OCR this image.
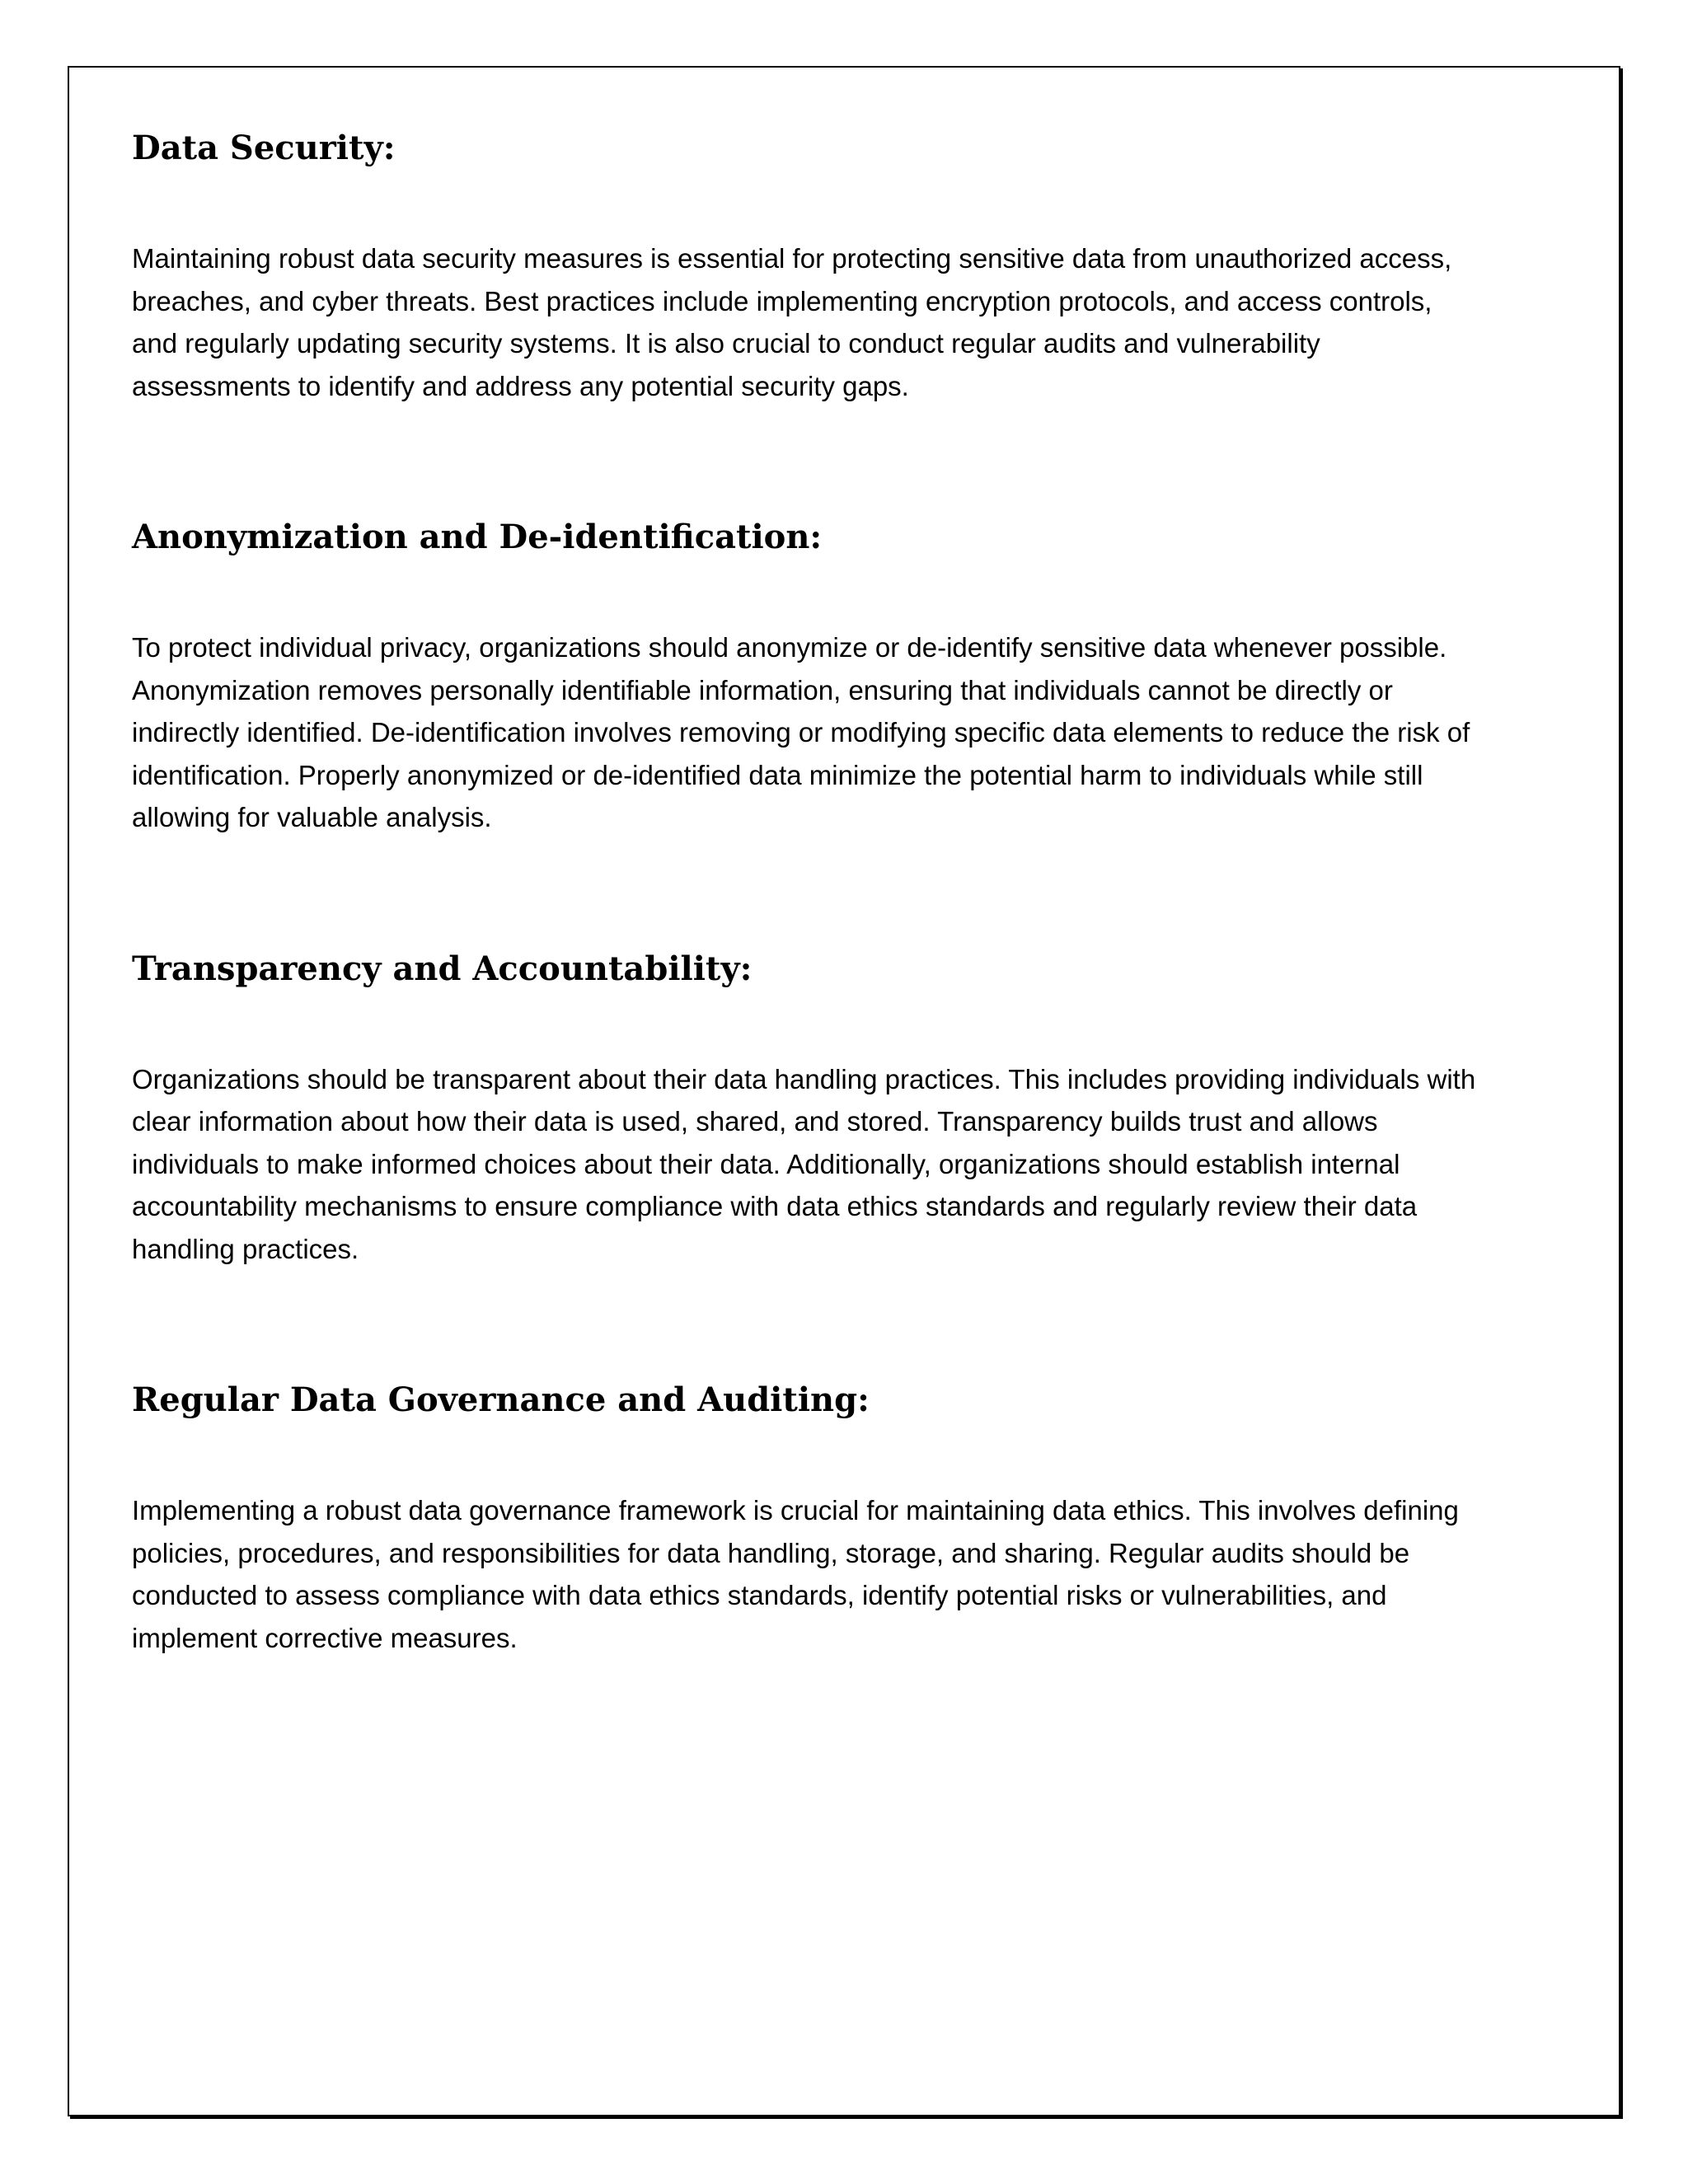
Data Security:

Maintaining robust data security measures is essential for protecting sensitive data from unauthorized access, breaches, and cyber threats. Best practices include implementing encryption protocols, and access controls, and regularly updating security systems. It is also crucial to conduct regular audits and vulnerability assessments to identify and address any potential security gaps.

Anonymization and De-identification:

To protect individual privacy, organizations should anonymize or de-identify sensitive data whenever possible. Anonymization removes personally identifiable information, ensuring that individuals cannot be directly or indirectly identified. De-identification involves removing or modifying specific data elements to reduce the risk of identification. Properly anonymized or de-identified data minimize the potential harm to individuals while still allowing for valuable analysis.

Transparency and Accountability:

Organizations should be transparent about their data handling practices. This includes providing individuals with clear information about how their data is used, shared, and stored. Transparency builds trust and allows individuals to make informed choices about their data. Additionally, organizations should establish internal accountability mechanisms to ensure compliance with data ethics standards and regularly review their data handling practices.

Regular Data Governance and Auditing:

Implementing a robust data governance framework is crucial for maintaining data ethics. This involves defining policies, procedures, and responsibilities for data handling, storage, and sharing. Regular audits should be conducted to assess compliance with data ethics standards, identify potential risks or vulnerabilities, and implement corrective measures.
